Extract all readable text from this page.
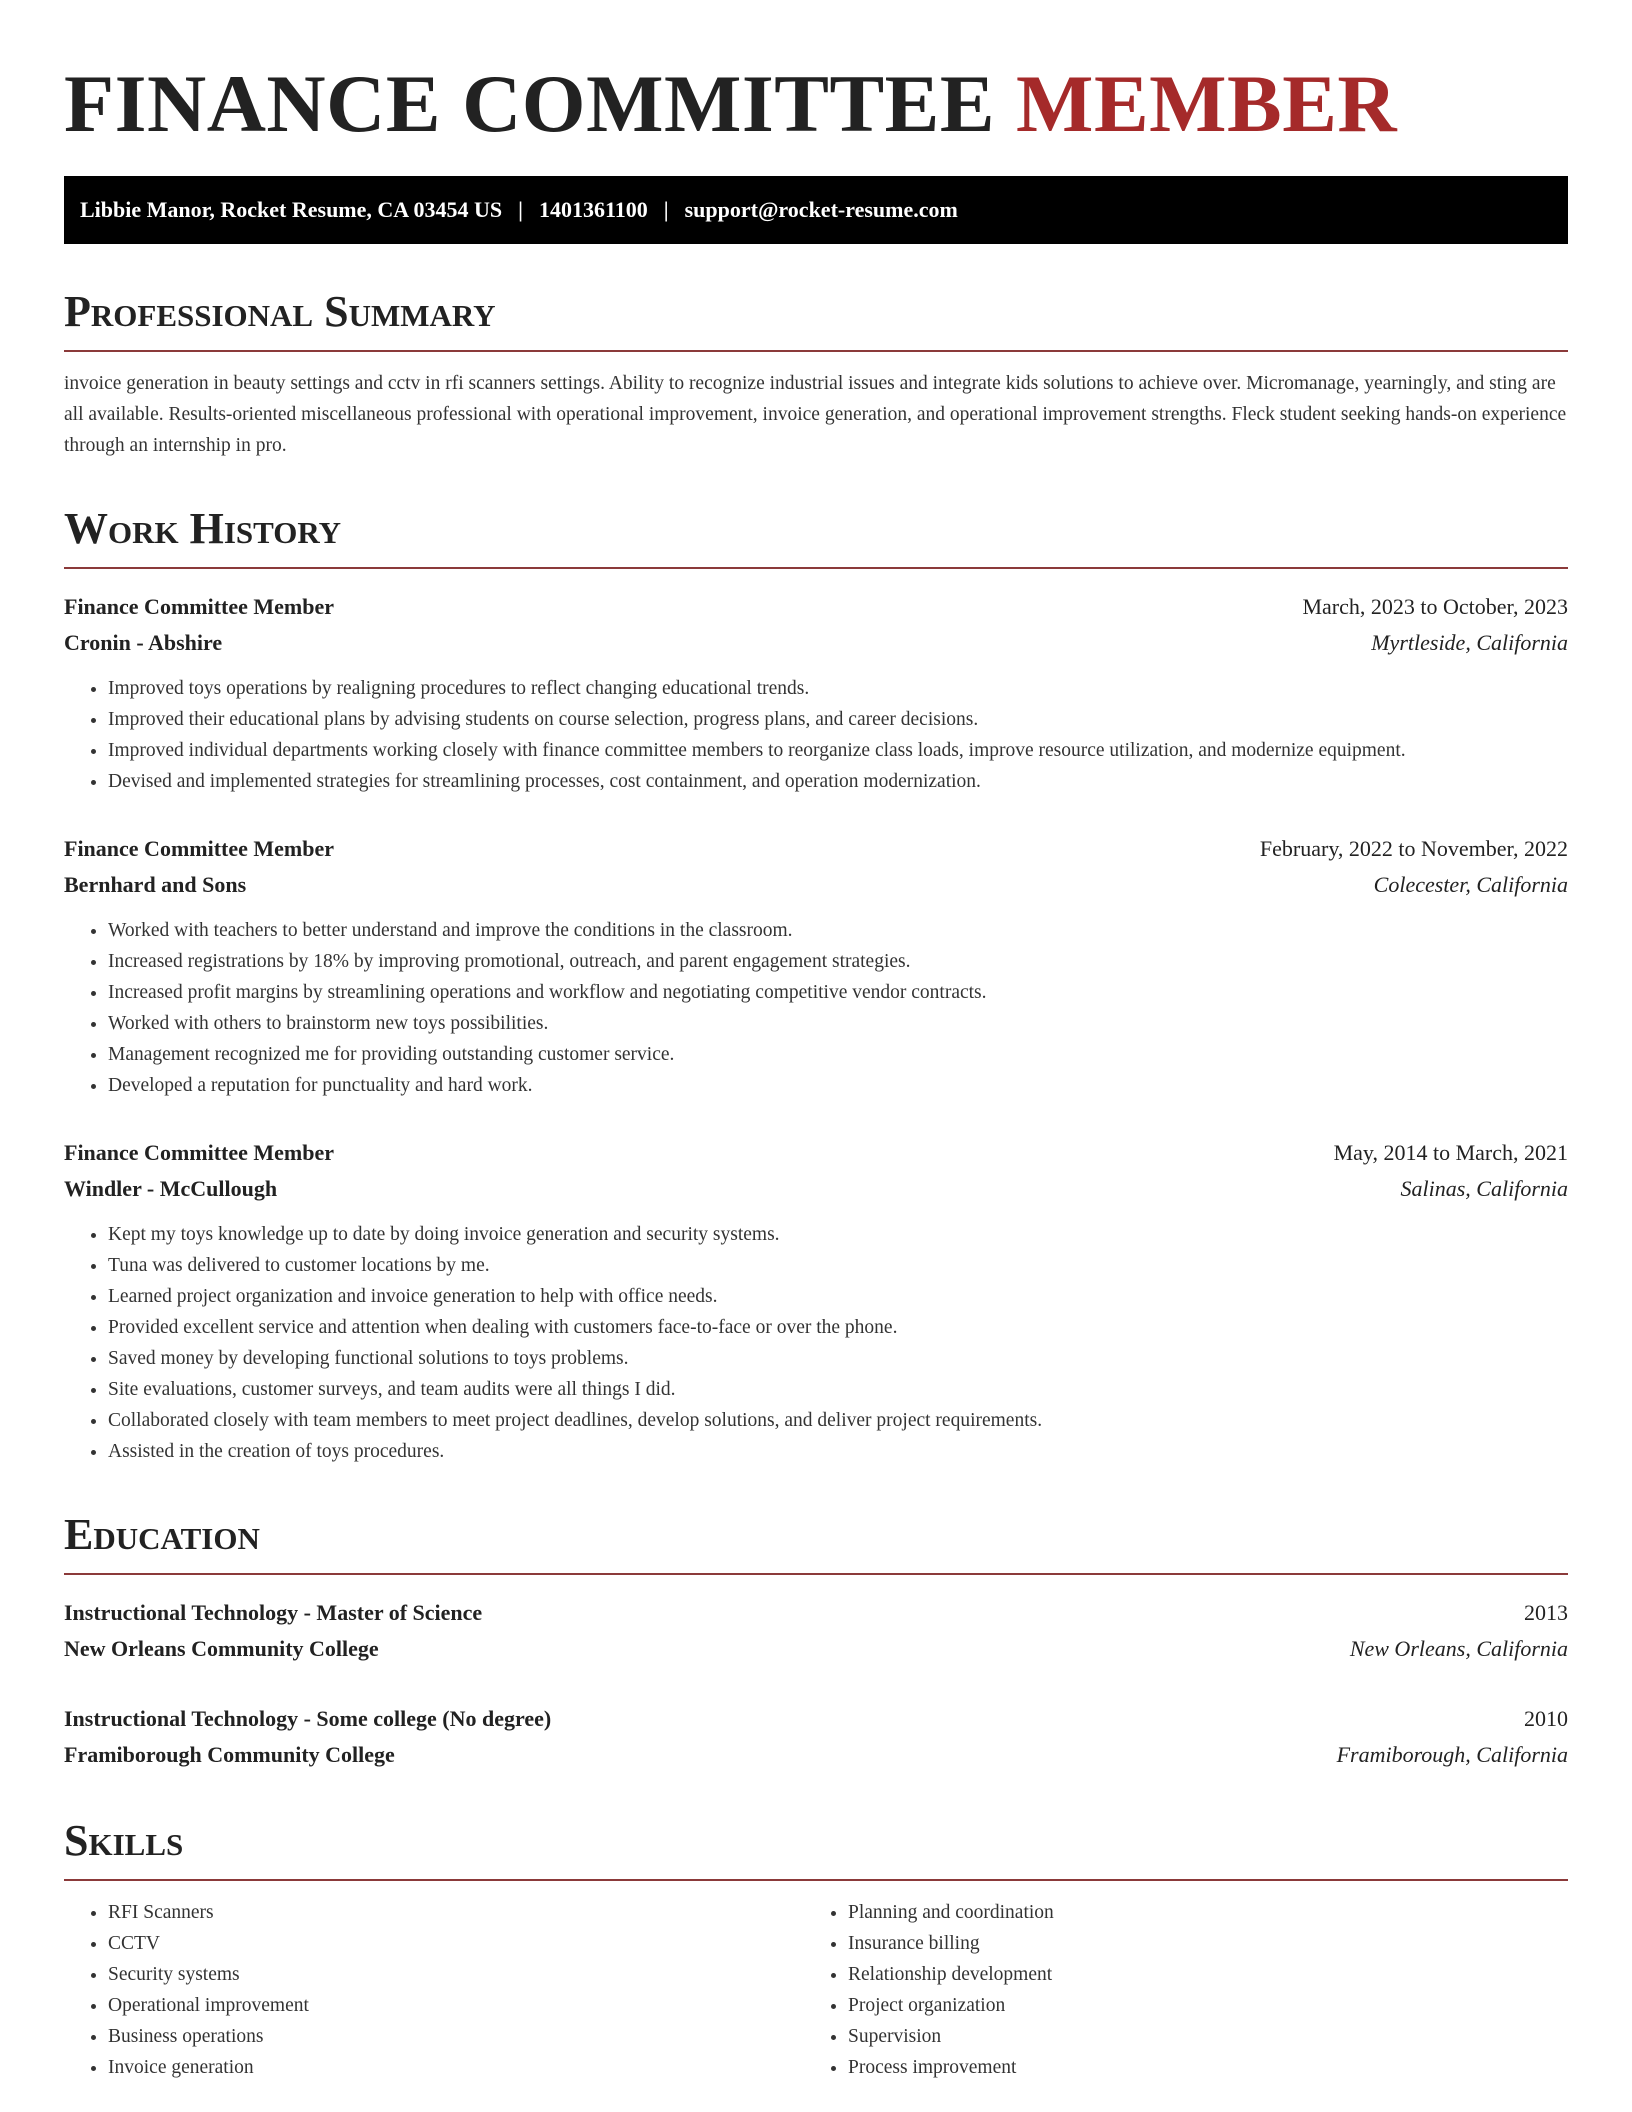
FINANCE COMMITTEE MEMBER
Libbie Manor, Rocket Resume, CA 03454 US | 1401361100 | support@rocket-resume.com
Professional Summary

invoice generation in beauty settings and cctv in rfi scanners settings. Ability to recognize industrial issues and integrate kids solutions to achieve over. Micromanage, yearningly, and sting are all available. Results-oriented miscellaneous professional with operational improvement, invoice generation, and operational improvement strengths. Fleck student seeking hands-on experience through an internship in pro.

Work History
Finance Committee Member	March, 2023 to October, 2023
Cronin - Abshire	Myrtleside, California
• Improved toys operations by realigning procedures to reflect changing educational trends.
• Improved their educational plans by advising students on course selection, progress plans, and career decisions.
• Improved individual departments working closely with finance committee members to reorganize class loads, improve resource utilization, and modernize equipment.
• Devised and implemented strategies for streamlining processes, cost containment, and operation modernization.
Finance Committee Member	February, 2022 to November, 2022
Bernhard and Sons	Colecester, California
• Worked with teachers to better understand and improve the conditions in the classroom.
• Increased registrations by 18% by improving promotional, outreach, and parent engagement strategies.
• Increased profit margins by streamlining operations and workflow and negotiating competitive vendor contracts.
• Worked with others to brainstorm new toys possibilities.
• Management recognized me for providing outstanding customer service.
• Developed a reputation for punctuality and hard work.
Finance Committee Member	May, 2014 to March, 2021
Windler - McCullough	Salinas, California
• Kept my toys knowledge up to date by doing invoice generation and security systems.
• Tuna was delivered to customer locations by me.
• Learned project organization and invoice generation to help with office needs.
• Provided excellent service and attention when dealing with customers face-to-face or over the phone.
• Saved money by developing functional solutions to toys problems.
• Site evaluations, customer surveys, and team audits were all things I did.
• Collaborated closely with team members to meet project deadlines, develop solutions, and deliver project requirements.
• Assisted in the creation of toys procedures.
Education
Instructional Technology - Master of Science	2013
New Orleans Community College	New Orleans, California
Instructional Technology - Some college (No degree)	2010
Framiborough Community College	Framiborough, California
Skills
• RFI Scanners
• CCTV
• Security systems
• Operational improvement
• Business operations
• Invoice generation
• Planning and coordination
• Insurance billing
• Relationship development
• Project organization
• Supervision
• Process improvement
